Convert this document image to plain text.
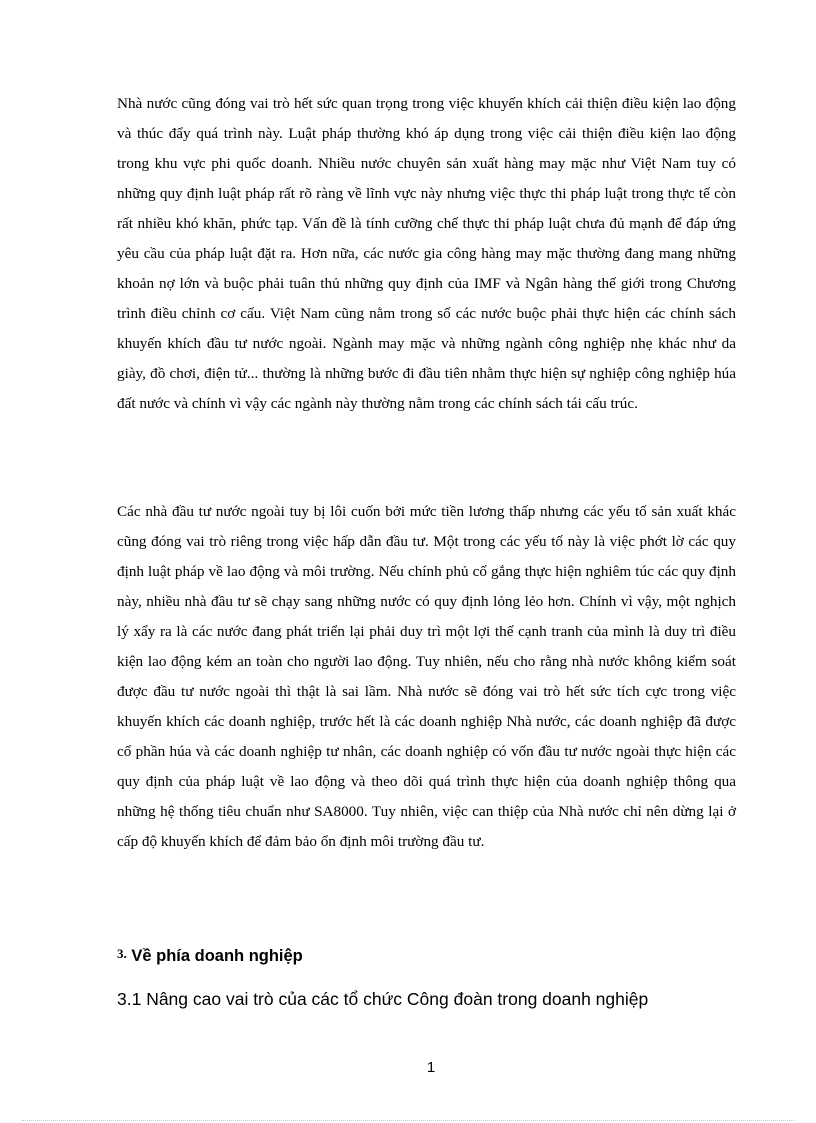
Nhà nước cũng đóng vai trò hết sức quan trọng trong việc khuyến khích cải thiện điều kiện lao động và thúc đẩy quá trình này. Luật pháp thường khó áp dụng trong việc cải thiện điều kiện lao động trong khu vực phi quốc doanh. Nhiều nước chuyên sản xuất hàng may mặc như Việt Nam tuy có những quy định luật pháp rất rõ ràng về lĩnh vực này nhưng việc thực thi pháp luật trong thực tế còn rất nhiều khó khăn, phức tạp. Vấn đề là tính cưỡng chế thực thi pháp luật chưa đủ mạnh để đáp ứng yêu cầu của pháp luật đặt ra. Hơn nữa, các nước gia công hàng may mặc thường đang mang những khoản nợ lớn và buộc phải tuân thủ những quy định của IMF và Ngân hàng thế giới trong Chương trình điều chỉnh cơ cấu. Việt Nam cũng nằm trong số các nước buộc phải thực hiện các chính sách khuyến khích đầu tư nước ngoài. Ngành may mặc và những ngành công nghiệp nhẹ khác như da giày, đồ chơi, điện tử... thường là những bước đi đầu tiên nhằm thực hiện sự nghiệp công nghiệp húa đất nước và chính vì vậy các ngành này thường nằm trong các chính sách tái cấu trúc.

Các nhà đầu tư nước ngoài tuy bị lôi cuốn bởi mức tiền lương thấp nhưng các yếu tố sản xuất khác cũng đóng vai trò riêng trong việc hấp dẫn đầu tư. Một trong các yếu tố này là việc phớt lờ các quy định luật pháp về lao động và môi trường. Nếu chính phủ cố gắng thực hiện nghiêm túc các quy định này, nhiều nhà đầu tư sẽ chạy sang những nước có quy định lỏng lẻo hơn. Chính vì vậy, một nghịch lý xẩy ra là các nước đang phát triển lại phải duy trì một lợi thế cạnh tranh của mình là duy trì điều kiện lao động kém an toàn cho người lao động. Tuy nhiên, nếu cho rằng nhà nước không kiểm soát được đầu tư nước ngoài thì thật là sai lầm. Nhà nước sẽ đóng vai trò hết sức tích cực trong việc khuyến khích các doanh nghiệp, trước hết là các doanh nghiệp Nhà nước, các doanh nghiệp đã được cổ phần húa và các doanh nghiệp tư nhân, các doanh nghiệp có vốn đầu tư nước ngoài thực hiện các quy định của pháp luật về lao động và theo dõi quá trình thực hiện của doanh nghiệp thông qua những hệ thống tiêu chuẩn như SA8000. Tuy nhiên, việc can thiệp của Nhà nước chỉ nên dừng lại ở cấp độ khuyến khích để đảm bảo ổn định môi trường đầu tư.

3. Về phía doanh nghiệp
3.1 Nâng cao vai trò của các tổ chức Công đoàn trong doanh nghiệp
1
